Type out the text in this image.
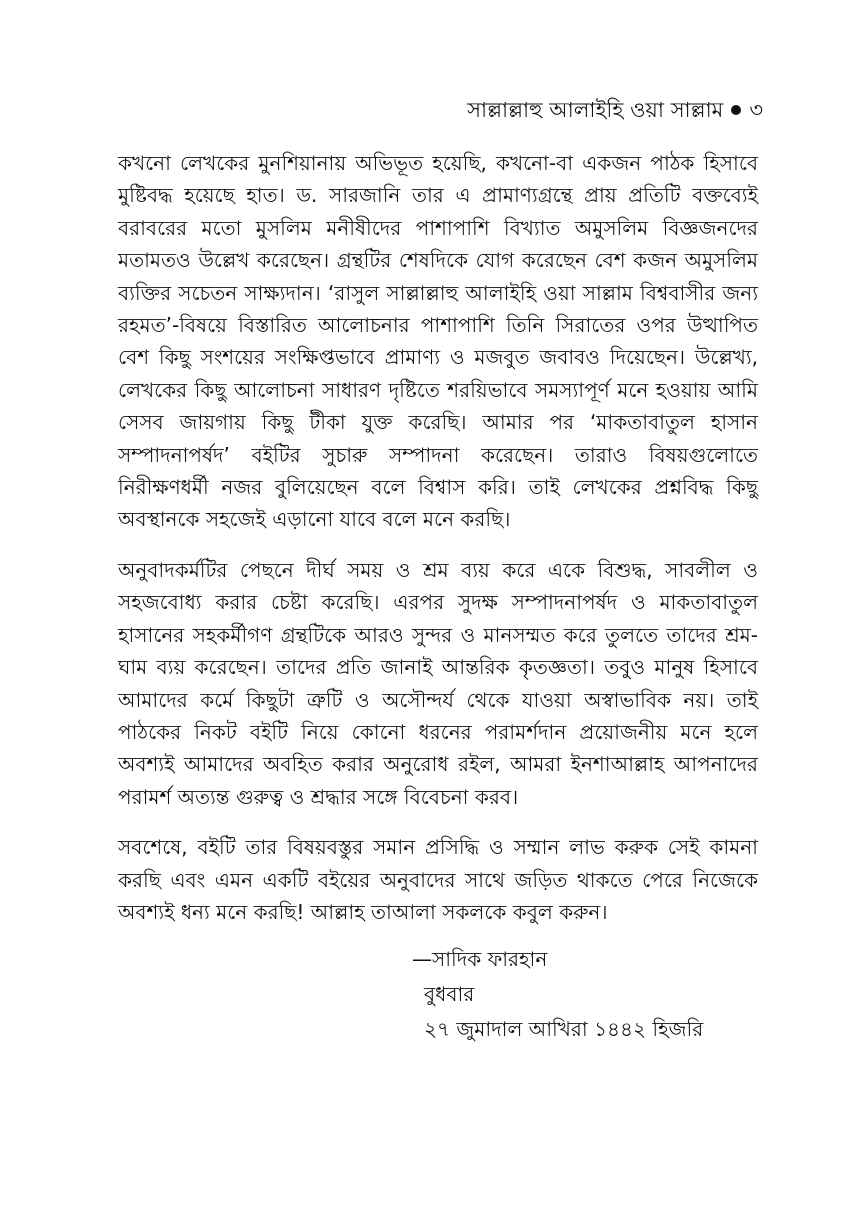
সাল্লাল্লাহু আলাইহি ওয়া সাল্লাম ৩

কখনো লেখকের মুনশিয়ানায় অভিভূত হয়েছি, কখনো-বা একজন পাঠক হিসাবে মুষ্টিবদ্ধ হয়েছে হাত। ড. সারজানি তার এ প্রামাণ্যগ্রন্থে প্রায় প্রতিটি বক্তব্যেই বরাবরের মতো মুসলিম মনীষীদের পাশাপাশি বিখ্যাত অমুসলিম বিজ্ঞজনদের মতামতও উল্লেখ করেছেন। গ্রন্থটির শেষদিকে যোগ করেছেন বেশ কজন অমুসলিম ব্যক্তির সচেতন সাক্ষ্যদান। ‘রাসুল সাল্লাল্লাহু আলাইহি ওয়া সাল্লাম বিশ্ববাসীর জন্য রহমত’-বিষয়ে বিস্তারিত আলোচনার পাশাপাশি তিনি সিরাতের ওপর উত্থাপিত বেশ কিছু সংশয়ের সংক্ষিপ্তভাবে প্রামাণ্য ও মজবুত জবাবও দিয়েছেন। উল্লেখ্য, লেখকের কিছু আলোচনা সাধারণ দৃষ্টিতে শরয়িভাবে সমস্যাপূর্ণ মনে হওয়ায় আমি সেসব জায়গায় কিছু টীকা যুক্ত করেছি। আমার পর ‘মাকতাবাতুল হাসান সম্পাদনাপর্ষদ’ বইটির সুচারু সম্পাদনা করেছেন। তারাও বিষয়গুলোতে নিরীক্ষণধর্মী নজর বুলিয়েছেন বলে বিশ্বাস করি। তাই লেখকের প্রশ্নবিদ্ধ কিছু অবস্থানকে সহজেই এড়ানো যাবে বলে মনে করছি।

অনুবাদকর্মটির পেছনে দীর্ঘ সময় ও শ্রম ব্যয় করে একে বিশুদ্ধ, সাবলীল ও সহজবোধ্য করার চেষ্টা করেছি। এরপর সুদক্ষ সম্পাদনাপর্ষদ ও মাকতাবাতুল হাসানের সহকর্মীগণ গ্রন্থটিকে আরও সুন্দর ও মানসম্মত করে তুলতে তাদের শ্রম-ঘাম ব্যয় করেছেন। তাদের প্রতি জানাই আন্তরিক কৃতজ্ঞতা। তবুও মানুষ হিসাবে আমাদের কর্মে কিছুটা ত্রুটি ও অসৌন্দর্য থেকে যাওয়া অস্বাভাবিক নয়। তাই পাঠকের নিকট বইটি নিয়ে কোনো ধরনের পরামর্শদান প্রয়োজনীয় মনে হলে অবশ্যই আমাদের অবহিত করার অনুরোধ রইল, আমরা ইনশাআল্লাহ আপনাদের পরামর্শ অত্যন্ত গুরুত্ব ও শ্রদ্ধার সঙ্গে বিবেচনা করব।

সবশেষে, বইটি তার বিষয়বস্তুর সমান প্রসিদ্ধি ও সম্মান লাভ করুক সেই কামনা করছি এবং এমন একটি বইয়ের অনুবাদের সাথে জড়িত থাকতে পেরে নিজেকে অবশ্যই ধন্য মনে করছি! আল্লাহ তাআলা সকলকে কবুল করুন।

—সাদিক ফারহান
বুধবার
২৭ জুমাদাল আখিরা ১৪৪২ হিজরি
